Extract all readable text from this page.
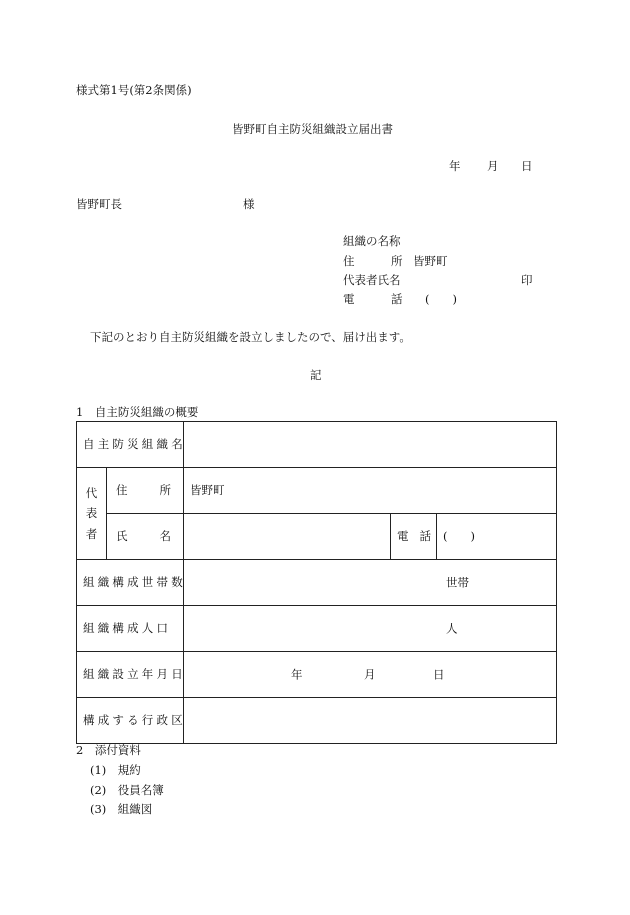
様式第1号(第2条関係)
皆野町自主防災組織設立届出書
年 月 日
皆野町長	様
組織の名称
住	所 皆野町
代表者氏名	印
電	話 (　　)
下記のとおり自主防災組織を設立しましたので、届け出ます。
記
1　自主防災組織の概要
自主防災組織名				

代
表
者	住 所	皆野町		

	氏 名		電 話	(　　)
組織構成世帯数		世帯		

組織構成人口		人		

組織設立年月日		年 月 日		

構成する行政区				
2　添付資料
(1)　規約
(2)　役員名簿
(3)　組織図
